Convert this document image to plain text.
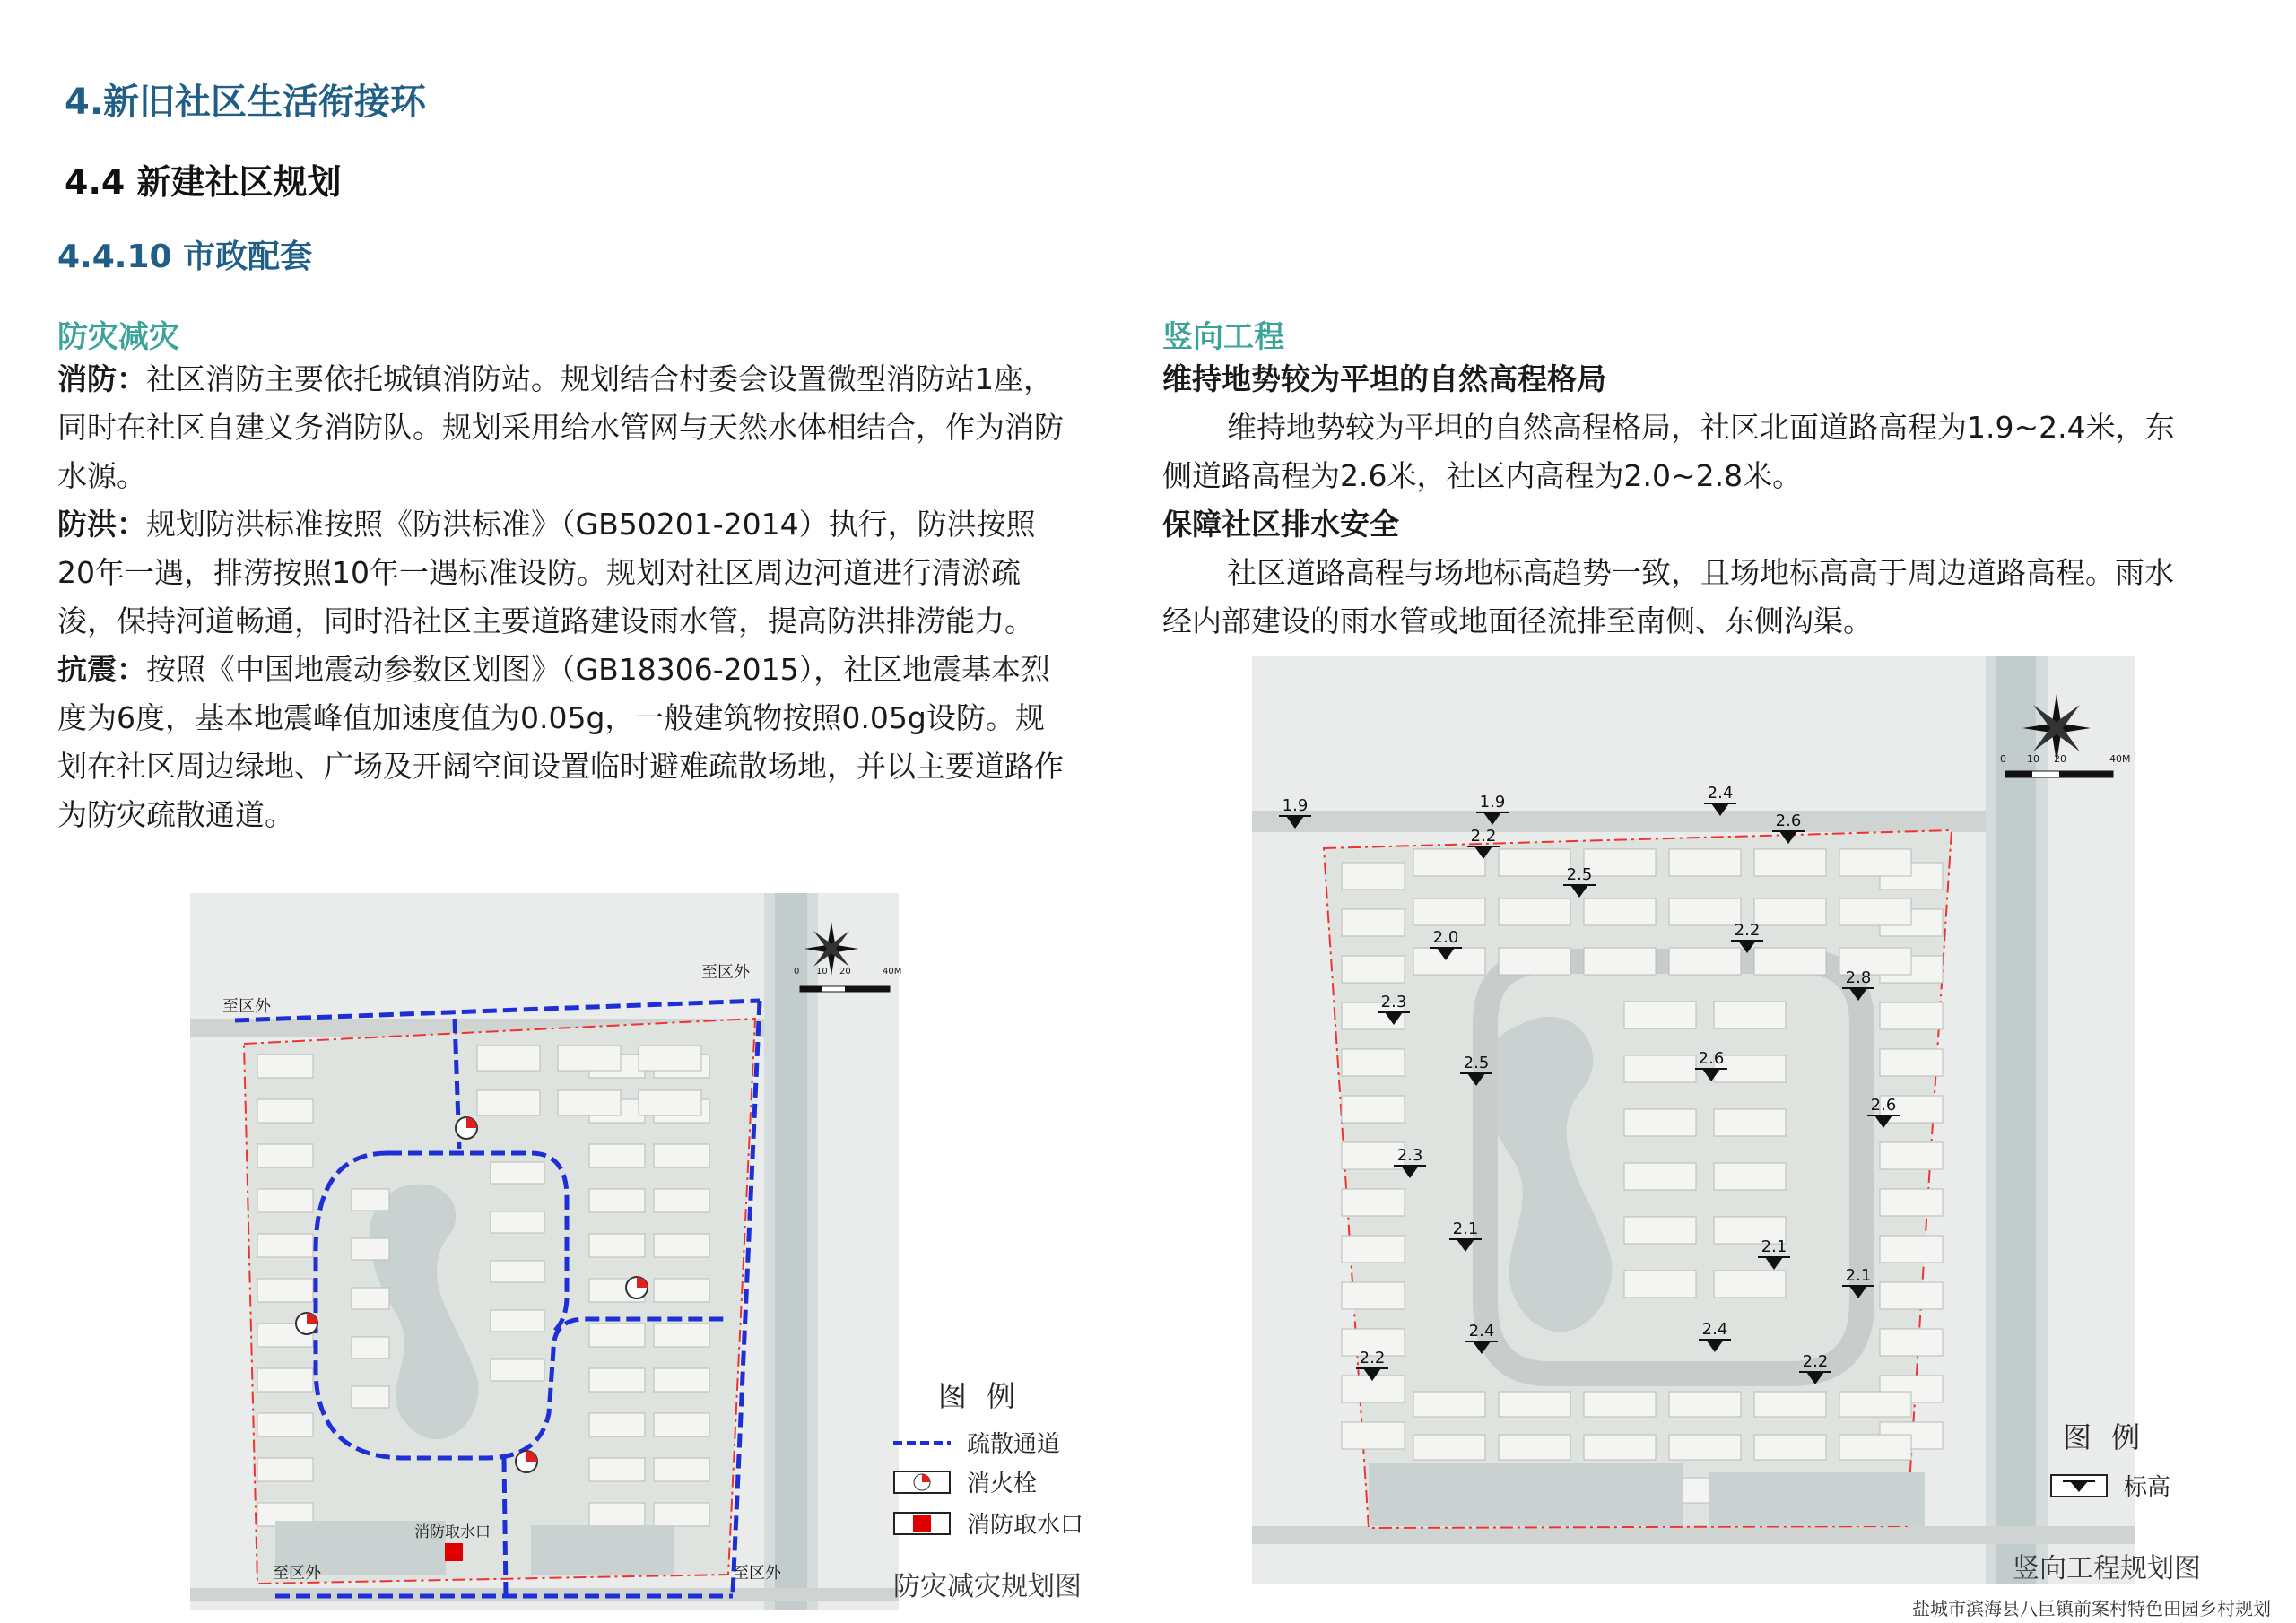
4.新旧社区生活衔接环
4.4 新建社区规划
4.4.10 市政配套
防灾减灾

消防：社区消防主要依托城镇消防站。规划结合村委会设置微型消防站1座，同时在社区自建义务消防队。规划采用给水管网与天然水体相结合，作为消防水源。

防洪：规划防洪标准按照《防洪标准》（GB50201-2014）执行，防洪按照20年一遇，排涝按照10年一遇标准设防。规划对社区周边河道进行清淤疏浚，保持河道畅通，同时沿社区主要道路建设雨水管，提高防洪排涝能力。

抗震：按照《中国地震动参数区划图》（GB18306-2015），社区地震基本烈度为6度，基本地震峰值加速度值为0.05g，一般建筑物按照0.05g设防。规划在社区周边绿地、广场及开阔空间设置临时避难疏散场地，并以主要道路作为防灾疏散通道。

竖向工程

维持地势较为平坦的自然高程格局

维持地势较为平坦的自然高程格局，社区北面道路高程为1.9~2.4米，东侧道路高程为2.6米，社区内高程为2.0~2.8米。

保障社区排水安全

社区道路高程与场地标高趋势一致，且场地标高高于周边道路高程。雨水经内部建设的雨水管或地面径流排至南侧、东侧沟渠。

0 10 20	40M
至区外
至区外
至区外	至区外
消防取水口
图 例
疏散通道
消火栓
消防取水口
防灾减灾规划图
1.9	1.9	2.4
2.2
2.6
2.5
2.0	2.2
2.3
2.8
2.5	2.6
2.6
2.3
2.1
2.1
2.1
2.4	2.4
2.2	2.2
0 10 20	40M
图 例
标高
竖向工程规划图
盐城市滨海县八巨镇前案村特色田园乡村规划
